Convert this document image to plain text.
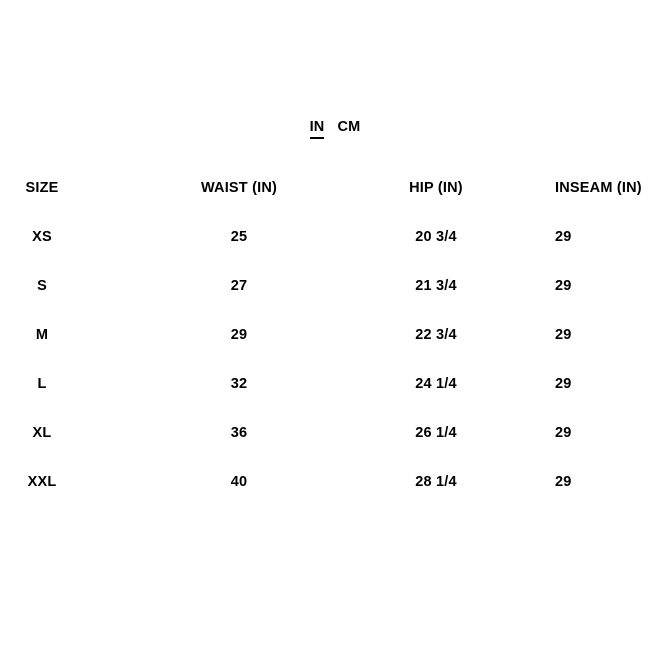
IN CM
SIZE	WAIST (IN)	HIP (IN)	INSEAM (IN)
XS	25	20 3/4	29
S	27	21 3/4	29
M	29	22 3/4	29
L	32	24 1/4	29
XL	36	26 1/4	29
XXL	40	28 1/4	29
